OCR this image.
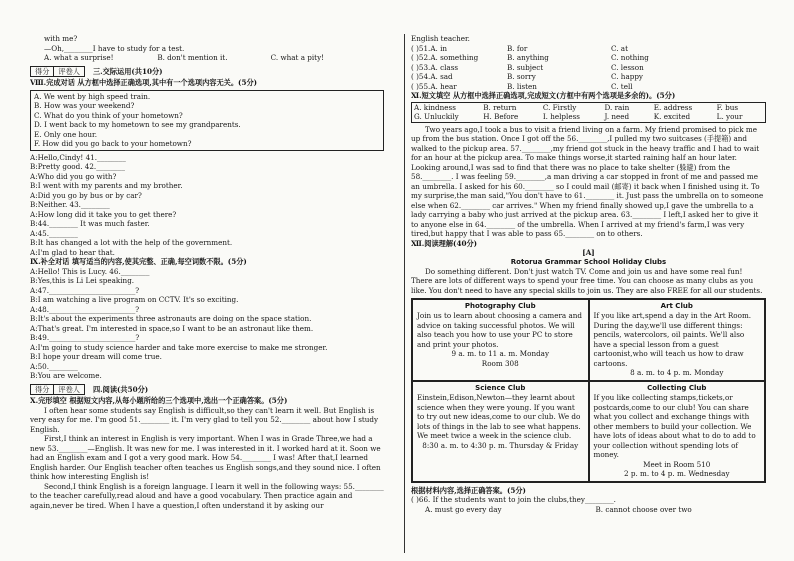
with me?
—Oh,________I have to study for a test.
A. what a surprise!	B. don't mention it.	C. what a pity!
得分	评卷人	三.交际运用(共10分)
Ⅷ.完成对话 从方框中选择正确选项,其中有一个选项内容无关。(5分)
A. We went by high speed train.
B. How was your weekend?
C. What do you think of your hometown?
D. I went back to my hometown to see my grandparents.
E. Only one hour.
F. How did you go back to your hometown?
A:Hello,Cindy! 41.________
B:Pretty good. 42.________
A:Who did you go with?
B:I went with my parents and my brother.
A:Did you go by bus or by car?
B:Neither. 43.________
A:How long did it take you to get there?
B:44.________ It was much faster.
A:45.________
B:It has changed a lot with the help of the government.
A:I'm glad to hear that.
Ⅸ.补全对话 填写适当的内容,使其完整、正确,每空词数不限。(5分)
A:Hello! This is Lucy. 46.________
B:Yes,this is Li Lei speaking.
A:47.________________________?
B:I am watching a live program on CCTV. It's so exciting.
A:48.________________________?
B:It's about the experiments three astronauts are doing on the space station.
A:That's great. I'm interested in space,so I want to be an astronaut like them.
B:49.________________________?
A:I'm going to study science harder and take more exercise to make me stronger.
B:I hope your dream will come true.
A:50.________
B:You are welcome.
得分	评卷人	四.阅读(共50分)
Ⅹ.完形填空 根据短文内容,从每小题所给的三个选项中,选出一个正确答案。(5分)
I often hear some students say English is difficult,so they can't learn it well. But English is very easy for me. I'm good 51.________ it. I'm very glad to tell you 52.________ about how I study English.
First,I think an interest in English is very important. When I was in Grade Three,we had a new 53.________—English. It was new for me. I was interested in it. I worked hard at it. Soon we had an English exam and I got a very good mark. How 54.________ I was! After that,I learned English harder. Our English teacher often teaches us English songs,and they sound nice. I often think how interesting English is!
Second,I think English is a foreign language. I learn it well in the following ways: 55.________ to the teacher carefully,read aloud and have a good vocabulary. Then practice again and again,never be tired. When I have a question,I often understand it by asking our
English teacher.
( )51.A. in	B. for	C. at
( )52.A. something	B. anything	C. nothing
( )53.A. class	B. subject	C. lesson
( )54.A. sad	B. sorry	C. happy
( )55.A. hear	B. listen	C. tell
Ⅺ.短文填空 从方框中选择正确选项,完成短文(方框中有两个选项是多余的)。(5分)
A. kindness	B. return	C. Firstly	D. rain	E. address	F. bus
G. Unluckily	H. Before	I. helpless	J. need	K. excited	L. your
Two years ago,I took a bus to visit a friend living on a farm. My friend promised to pick me up from the bus station. Once I got off the 56.________,I pulled my two suitcases (手提箱) and walked to the pickup area. 57.________,my friend got stuck in the heavy traffic and I had to wait for an hour at the pickup area. To make things worse,it started raining half an hour later. Looking around,I was sad to find that there was no place to take shelter (躲避) from the 58.________. I was feeling 59.________,a man driving a car stopped in front of me and passed me an umbrella. I asked for his 60.________ so I could mail (邮寄) it back when I finished using it. To my surprise,the man said,"You don't have to 61.________ it. Just pass the umbrella on to someone else when 62.________ car arrives." When my friend finally showed up,I gave the umbrella to a lady carrying a baby who just arrived at the pickup area. 63.________ I left,I asked her to give it to anyone else in 64.________ of the umbrella. When I arrived at my friend's farm,I was very tired,but happy that I was able to pass 65.________ on to others.
Ⅻ.阅读理解(40分)
[A]
Rotorua Grammar School Holiday Clubs
Do something different. Don't just watch TV. Come and join us and have some real fun! There are lots of different ways to spend your free time. You can choose as many clubs as you like. You don't need to have any special skills to join us. They are also FREE for all our students.
Photography Club
Join us to learn about choosing a camera and advice on taking successful photos. We will also teach you how to use your PC to store and print your photos.
9 a. m. to 11 a. m. Monday
Room 308
Art Club
If you like art,spend a day in the Art Room. During the day,we'll use different things: pencils, watercolors, oil paints. We'll also have a special lesson from a guest cartoonist,who will teach us how to draw cartoons.
8 a. m. to 4 p. m. Monday
Science Club
Einstein,Edison,Newton—they learnt about science when they were young. If you want to try out new ideas,come to our club. We do lots of things in the lab to see what happens. We meet twice a week in the science club.
8:30 a. m. to 4:30 p. m. Thursday & Friday
Collecting Club
If you like collecting stamps,tickets,or postcards,come to our club! You can share what you collect and exchange things with other members to build your collection. We have lots of ideas about what to do to add to your collection without spending lots of money.
Meet in Room 510
2 p. m. to 4 p. m. Wednesday
根据材料内容,选择正确答案。(5分)
( )66. If the students want to join the clubs,they________.
A. must go every day	B. cannot choose over two
